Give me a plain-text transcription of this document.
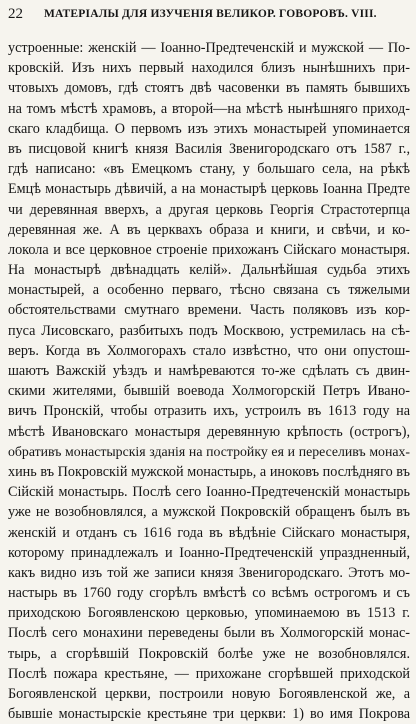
22 МАТЕРІАЛЫ ДЛЯ ИЗУЧЕНІЯ ВЕЛИКОР. ГОВОРОВЪ. VIII.
устроенные: женскій — Іоанно-Предтеченскій и мужской — По-
кровскій. Изъ нихъ первый находился близъ нынѣшнихъ при-
чтовыхъ домовъ, гдѣ стоятъ двѣ часовенки въ память бывшихъ
на томъ мѣстѣ храмовъ, а второй—на мѣстѣ нынѣшняго приход-
скаго кладбища. О первомъ изъ этихъ монастырей упоминается
въ писцовой книгѣ князя Василія Звенигородскаго отъ 1587 г.,
гдѣ написано: «въ Емецкомъ стану, у большаго села, на рѣкѣ
Емцѣ монастырь дѣвичій, а на монастырѣ церковь Іоанна Предте
чи деревянная вверхъ, а другая церковь Георгія Страстотерпца
деревянная же. А въ церквахъ образа и книги, и свѣчи, и ко-
локола и все церковное строеніе прихожанъ Сійскаго монастыря.
На монастырѣ двѣнадцать келій». Дальнѣйшая судьба этихъ
монастырей, а особенно перваго, тѣсно связана съ тяжелыми
обстоятельствами смутнаго времени. Часть поляковъ изъ кор-
пуса Лисовскаго, разбитыхъ подъ Москвою, устремилась на сѣ-
веръ. Когда въ Холмогорахъ стало извѣстно, что они опустош-
шаютъ Важскій уѣздъ и намѣреваются то-же сдѣлать съ двин-
скими жителями, бывшій воевода Холмогорскій Петръ Ивано-
вичъ Пронскій, чтобы отразить ихъ, устроилъ въ 1613 году на
мѣстѣ Ивановскаго монастыря деревянную крѣпость (острогъ),
обративъ монастырскія зданія на постройку ея и переселивъ монах-
хинь въ Покровскій мужской монастырь, а иноковъ послѣдняго въ
Сійскій монастырь. Послѣ сего Іоанно-Предтеченскій монастырь
уже не возобновлялся, а мужской Покровскій обращенъ былъ въ
женскій и отданъ съ 1616 года въ вѣдѣніе Сійскаго монастыря,
которому принадлежалъ и Іоанно-Предтеченскій упраздненный,
какъ видно изъ той же записи князя Звенигородскаго. Этотъ мо-
настырь въ 1760 году сгорѣлъ вмѣстѣ со всѣмъ острогомъ и съ
приходскою Богоявленскою церковью, упоминаемою въ 1513 г.
Послѣ сего монахини переведены были въ Холмогорскій монас-
тырь, а сгорѣвшій Покровскій болѣе уже не возобновлялся.
Послѣ пожара крестьяне, — прихожане сгорѣвшей приходской
Богоявленской церкви, построили новую Богоявленской же, а
бывшіе монастырскіе крестьяне три церкви: 1) во имя Покрова
